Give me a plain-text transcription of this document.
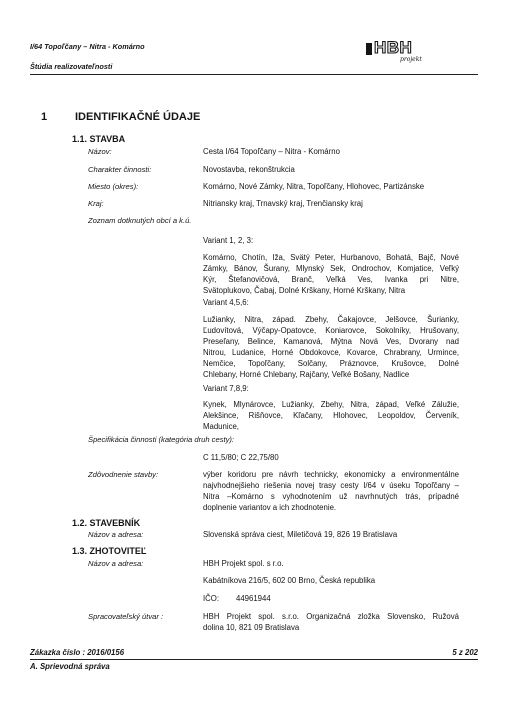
I/64 Topoľčany – Nitra - Komárno
Štúdia realizovateľnosti
HBH
projekt
1	IDENTIFIKAČNÉ ÚDAJE
1.1. STAVBA
Názov:	Cesta I/64 Topoľčany – Nitra - Komárno
Charakter činnosti:	Novostavba, rekonštrukcia
Miesto (okres):	Komárno, Nové Zámky, Nitra, Topoľčany, Hlohovec, Partizánske
Kraj:	Nitriansky kraj, Trnavský kraj, Trenčiansky kraj
Zoznam dotknutých obcí a k.ú.
Variant 1, 2, 3:
Komárno, Chotín, Iža, Svätý Peter, Hurbanovo, Bohatá, Bajč, Nové
Zámky, Bánov, Šurany, Mlynský Sek, Ondrochov, Komjatice, Veľký
Kýr, Štefanovičová, Branč, Veľká Ves, Ivanka pri Nitre,
Svätoplukovo, Čabaj, Dolné Krškany, Horné Krškany, Nitra
Variant 4,5,6:
Lužianky, Nitra, západ. Zbehy, Čakajovce, Jelšovce, Šurianky,
Ľudovítová, Výčapy-Opatovce, Koniarovce, Sokolníky, Hrušovany,
Preseľany, Belince, Kamanová, Mýtna Nová Ves, Dvorany nad
Nitrou, Ludanice, Horné Obdokovce, Kovarce, Chrabrany, Urmince,
Nemčice, Topoľčany, Solčany, Práznovce, Krušovce, Dolné
Chlebany, Horné Chlebany, Rajčany, Veľké Bošany, Nadlice
Variant 7,8,9:
Kynek, Mlynárovce, Lužianky, Zbehy, Nitra, západ, Veľké Zálužie,
Alekšince, Rišňovce, Kľačany, Hlohovec, Leopoldov, Červeník,
Madunice,
Špecifikácia činnosti (kategória druh cesty):
C 11,5/80; C 22,75/80
Zdôvodnenie stavby:	výber koridoru pre návrh technicky, ekonomicky a environmentálne
najvhodnejšieho riešenia novej trasy cesty I/64 v úseku Topoľčany –
Nitra –Komárno s vyhodnotením už navrhnutých trás, prípadné
doplnenie variantov a ich zhodnotenie.
1.2. STAVEBNÍK
Názov a adresa:	Slovenská správa ciest, Miletičová 19, 826 19 Bratislava
1.3. ZHOTOVITEĽ
Názov a adresa:	HBH Projekt spol. s r.o.
Kabátníkova 216/5, 602 00 Brno, Česká republika
IČO: 44961944
Spracovateľský útvar :	HBH Projekt spol. s.r.o. Organizačná zložka Slovensko, Ružová
dolina 10, 821 09 Bratislava
Zákazka číslo : 2016/0156	5 z 202
A. Sprievodná správa
